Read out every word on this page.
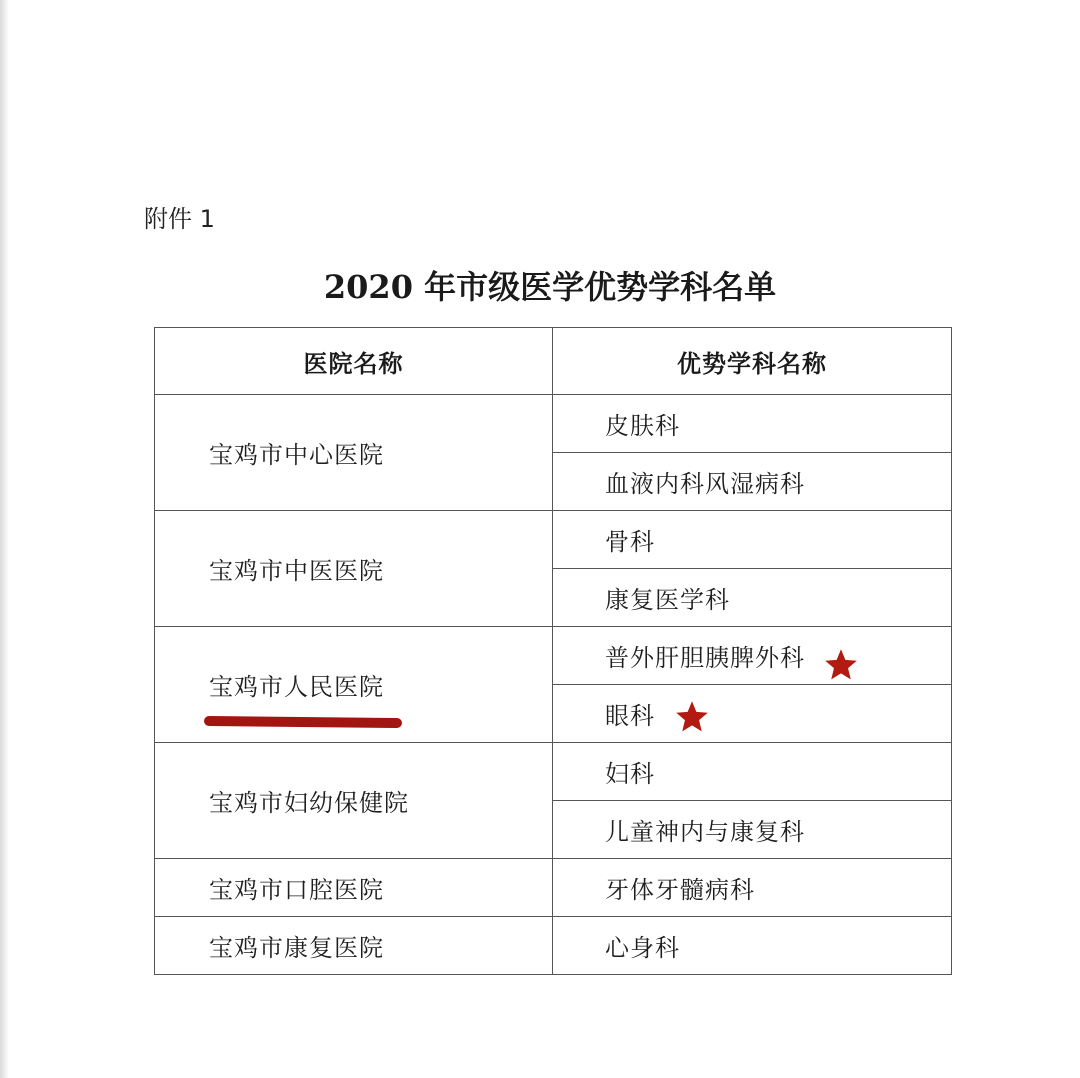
附件 1
2020 年市级医学优势学科名单
医院名称	优势学科名称
宝鸡市中心医院	皮肤科
	血液内科风湿病科
宝鸡市中医医院	骨科
	康复医学科
宝鸡市人民医院	普外肝胆胰脾外科
	眼科
宝鸡市妇幼保健院	妇科
	儿童神内与康复科
宝鸡市口腔医院	牙体牙髓病科
宝鸡市康复医院	心身科
